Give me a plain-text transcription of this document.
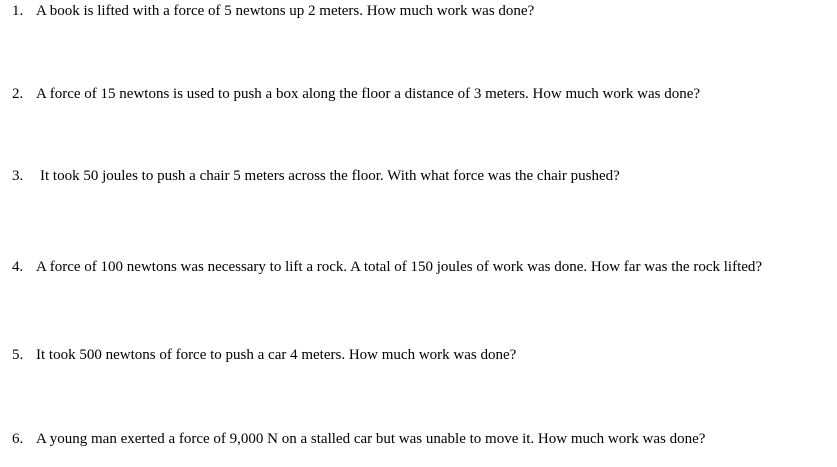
1. A book is lifted with a force of 5 newtons up 2 meters. How much work was done?
2. A force of 15 newtons is used to push a box along the floor a distance of 3 meters. How much work was done?
3. It took 50 joules to push a chair 5 meters across the floor. With what force was the chair pushed?
4. A force of 100 newtons was necessary to lift a rock. A total of 150 joules of work was done. How far was the rock lifted?
5. It took 500 newtons of force to push a car 4 meters. How much work was done?
6. A young man exerted a force of 9,000 N on a stalled car but was unable to move it. How much work was done?
